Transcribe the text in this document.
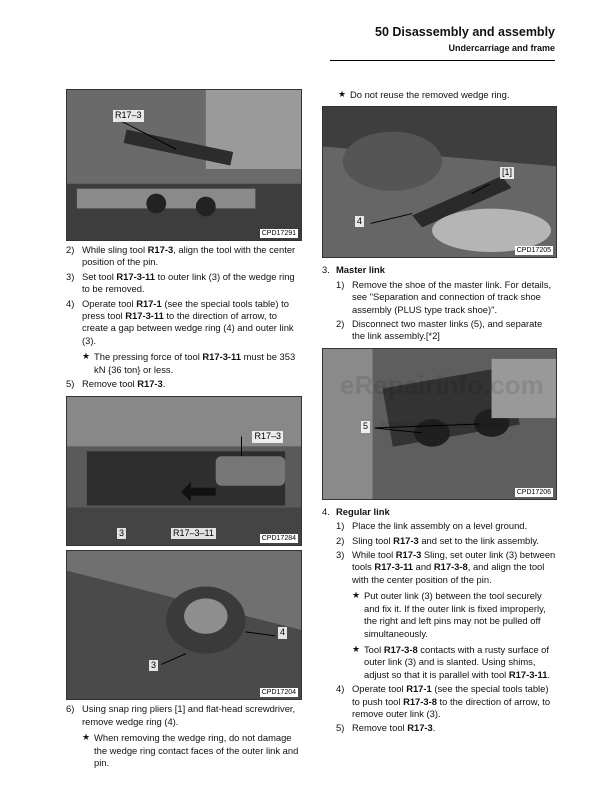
50 Disassembly and assembly
Undercarriage and frame
R17–3
CPD17291
2) While sling tool R17-3, align the tool with the center position of the pin.
3) Set tool R17-3-11 to outer link (3) of the wedge ring to be removed.
4) Operate tool R17-1 (see the special tools table) to press tool R17-3-11 to the direction of arrow, to create a gap between wedge ring (4) and outer link (3).
★ The pressing force of tool R17-3-11 must be 353 kN {36 ton} or less.
5) Remove tool R17-3.
R17–3
3	R17–3–11
CPD17284
4
3
CPD17204
6) Using snap ring pliers [1] and flat-head screwdriver, remove wedge ring (4).
★ When removing the wedge ring, do not damage the wedge ring contact faces of the outer link and pin.
★ Do not reuse the removed wedge ring.
[1]
4
CPD17205
3. Master link
1) Remove the shoe of the master link. For details, see "Separation and connection of track shoe assembly (PLUS type track shoe)".
2) Disconnect two master links (5), and separate the link assembly.[*2]
5
CPD17206
4. Regular link
1) Place the link assembly on a level ground.
2) Sling tool R17-3 and set to the link assembly.
3) While tool R17-3 Sling, set outer link (3) between tools R17-3-11 and R17-3-8, and align the tool with the center position of the pin.
★ Put outer link (3) between the tool securely and fix it. If the outer link is fixed improperly, the right and left pins may not be pulled off simultaneously.
★ Tool R17-3-8 contacts with a rusty surface of outer link (3) and is slanted. Using shims, adjust so that it is parallel with tool R17-3-11.
4) Operate tool R17-1 (see the special tools table) to push tool R17-3-8 to the direction of arrow, to remove outer link (3).
5) Remove tool R17-3.
eRepairinfo.com
Watermark only on this sample
